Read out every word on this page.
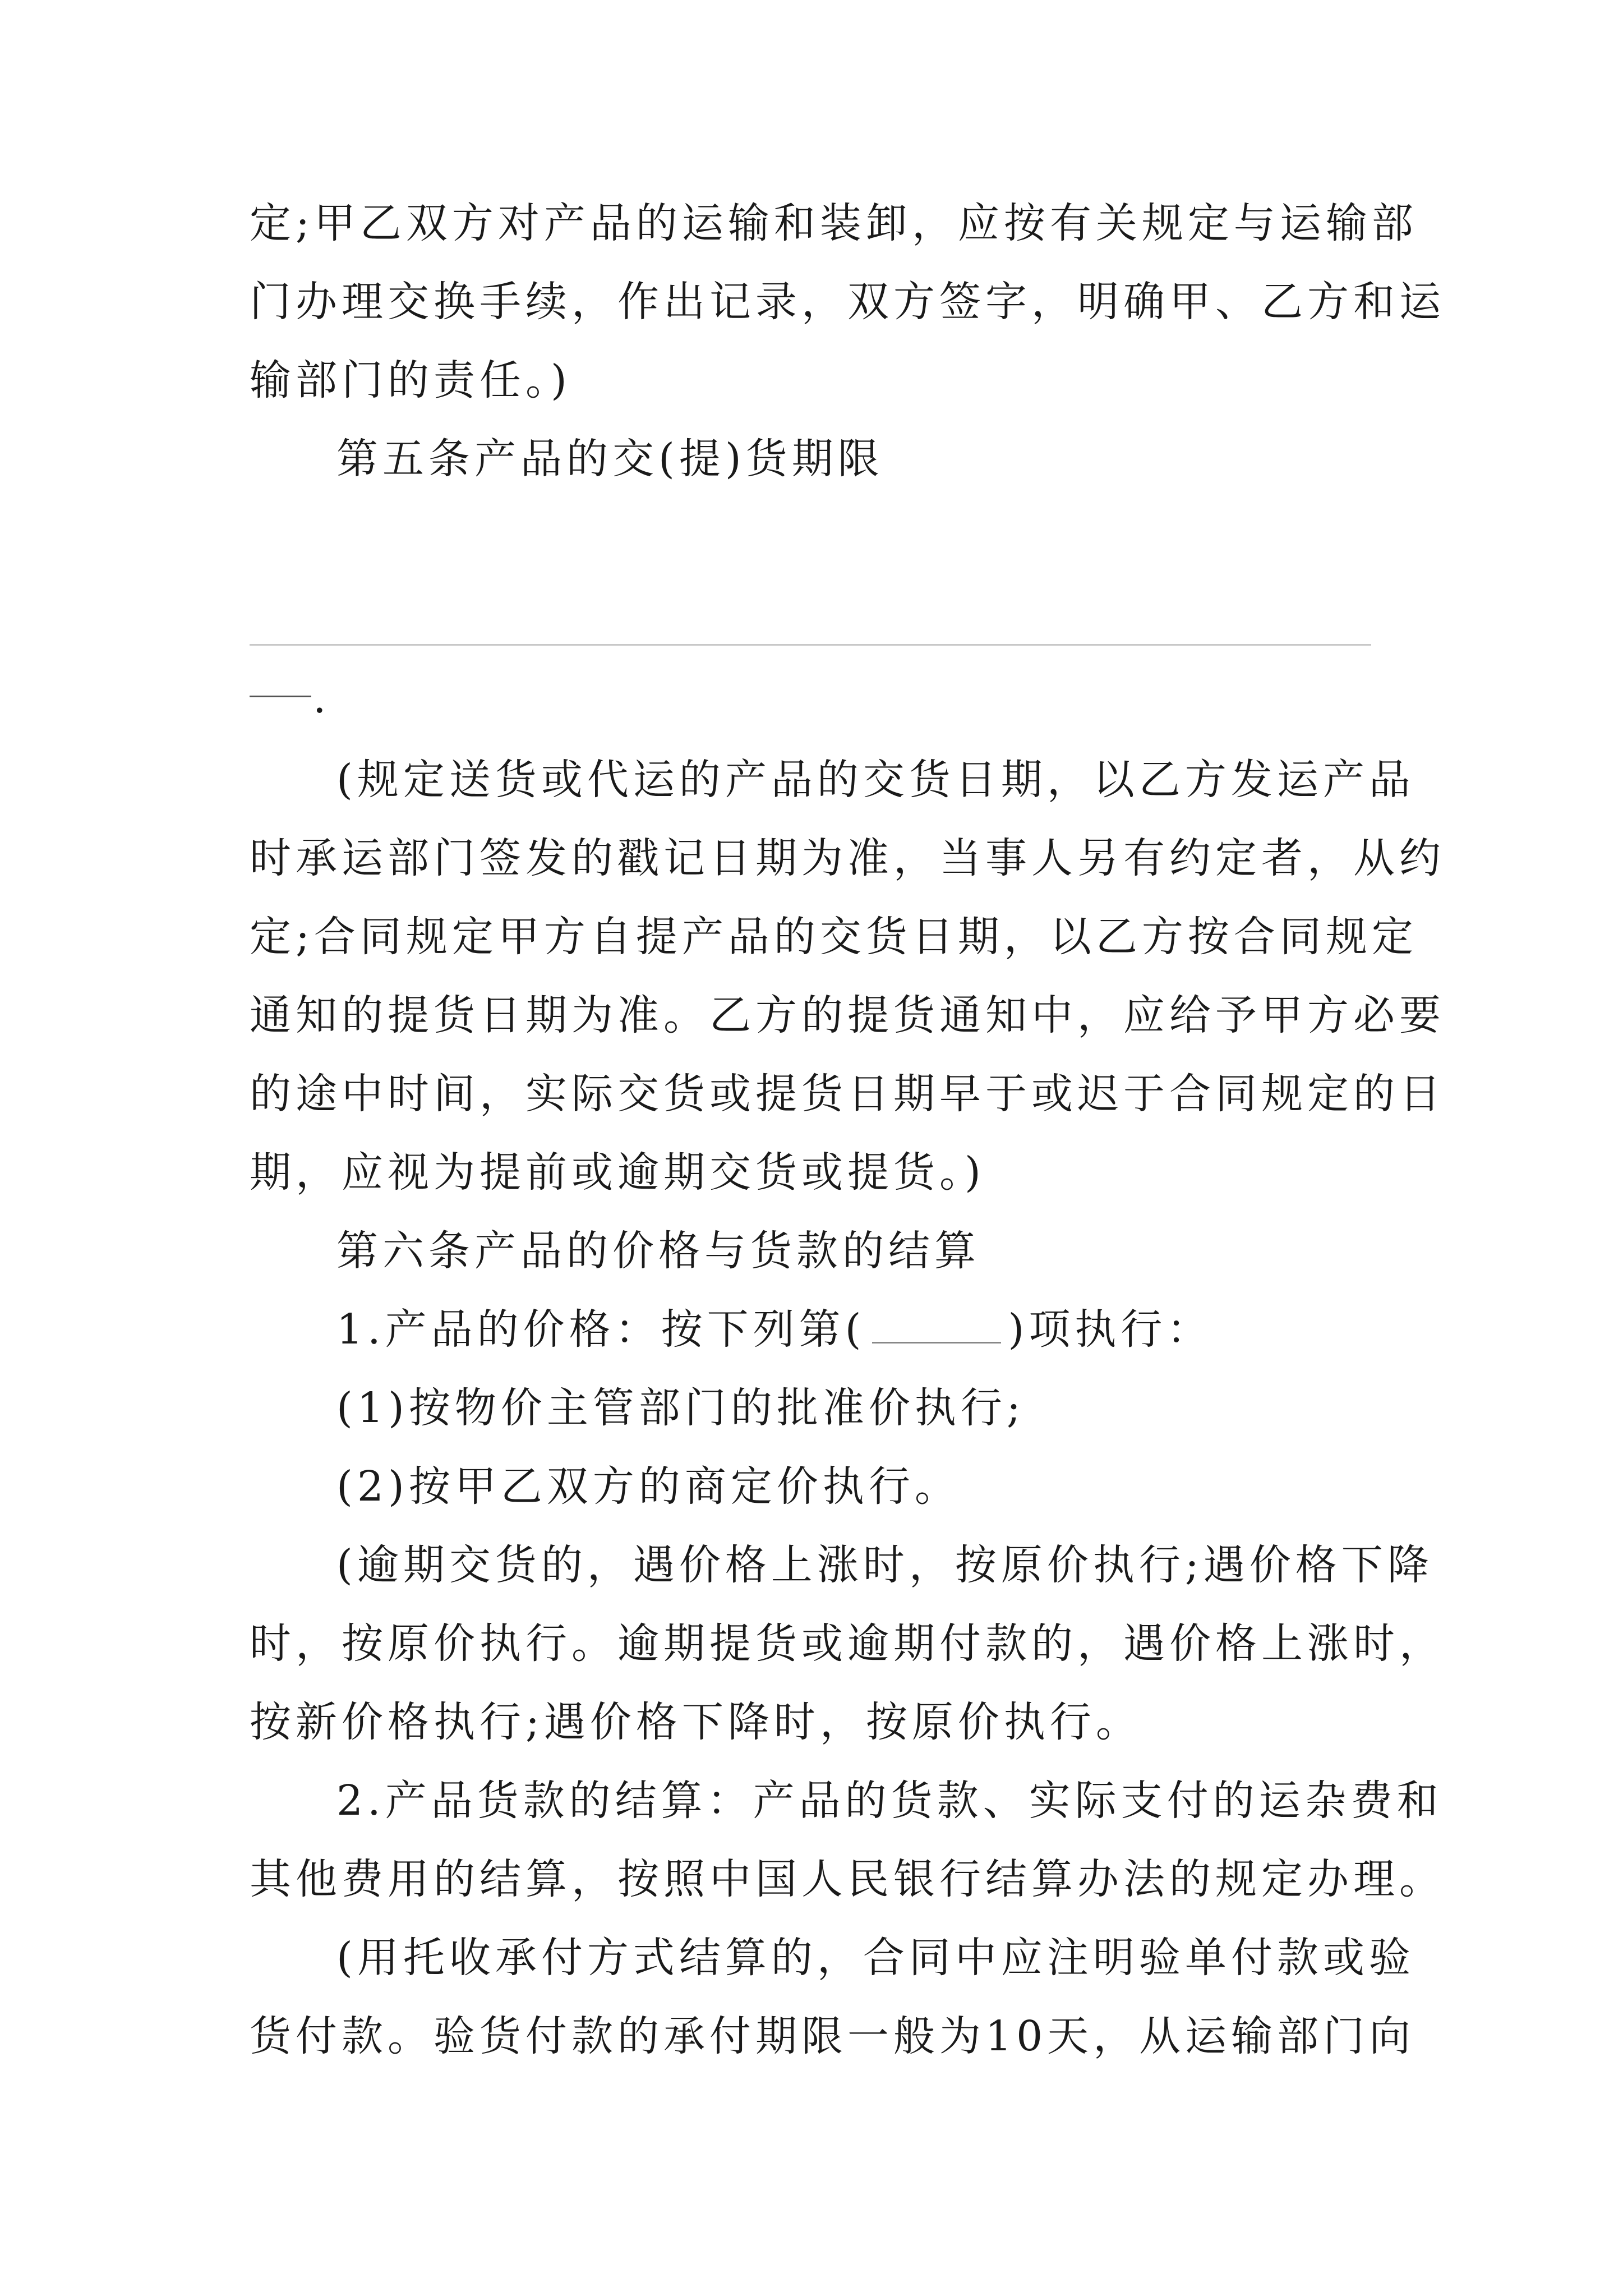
定;甲乙双方对产品的运输和装卸，应按有关规定与运输部
门办理交换手续，作出记录，双方签字，明确甲、乙方和运
输部门的责任。)
第五条产品的交(提)货期限
.
(规定送货或代运的产品的交货日期，以乙方发运产品
时承运部门签发的戳记日期为准，当事人另有约定者，从约
定;合同规定甲方自提产品的交货日期，以乙方按合同规定
通知的提货日期为准。乙方的提货通知中，应给予甲方必要
的途中时间，实际交货或提货日期早于或迟于合同规定的日
期，应视为提前或逾期交货或提货。)
第六条产品的价格与货款的结算
1.产品的价格：按下列第(	)项执行：
(1)按物价主管部门的批准价执行;
(2)按甲乙双方的商定价执行。
(逾期交货的，遇价格上涨时，按原价执行;遇价格下降
时，按原价执行。逾期提货或逾期付款的，遇价格上涨时，
按新价格执行;遇价格下降时，按原价执行。
2.产品货款的结算：产品的货款、实际支付的运杂费和
其他费用的结算，按照中国人民银行结算办法的规定办理。
(用托收承付方式结算的，合同中应注明验单付款或验
货付款。验货付款的承付期限一般为10天，从运输部门向
